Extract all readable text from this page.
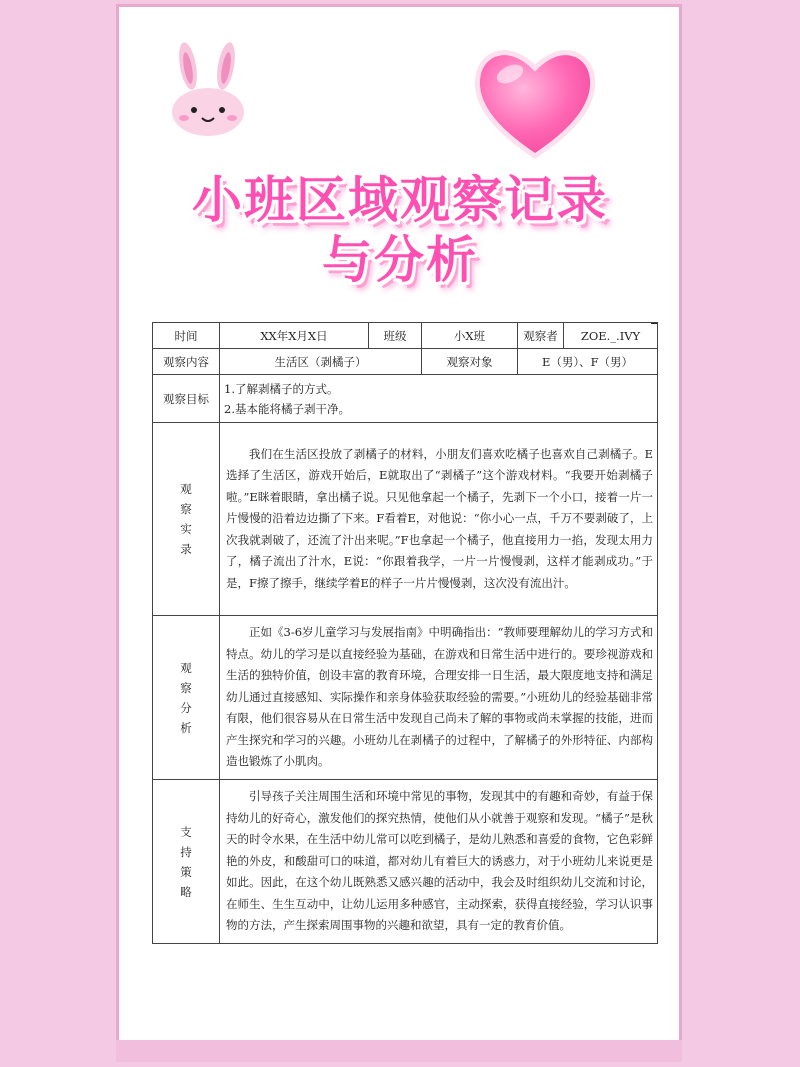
小班区域观察记录
与分析
时间	XX年X月X日	班级	小X班	观察者	ZOE._.IVY
观察内容	生活区（剥橘子）		观察对象	E（男）、F（男）	
观察目标	1.了解剥橘子的方式。
2.基本能将橘子剥干净。				

观察实录	我们在生活区投放了剥橘子的材料，小朋友们喜欢吃橘子也喜欢自己剥橘子。E选择了生活区，游戏开始后，E就取出了“剥橘子”这个游戏材料。“我要开始剥橘子啦。”E眯着眼睛，拿出橘子说。只见他拿起一个橘子，先剥下一个小口，接着一片一片慢慢的沿着边边撕了下来。F看着E，对他说：“你小心一点，千万不要剥破了，上次我就剥破了，还流了汁出来呢。”F也拿起一个橘子，他直接用力一掐，发现太用力了，橘子流出了汁水，E说：“你跟着我学，一片一片慢慢剥，这样才能剥成功。”于是，F擦了擦手，继续学着E的样子一片片慢慢剥，这次没有流出汁。				
观察分析	正如《3-6岁儿童学习与发展指南》中明确指出：“教师要理解幼儿的学习方式和特点。幼儿的学习是以直接经验为基础，在游戏和日常生活中进行的。要珍视游戏和生活的独特价值，创设丰富的教育环境，合理安排一日生活，最大限度地支持和满足幼儿通过直接感知、实际操作和亲身体验获取经验的需要。”小班幼儿的经验基础非常有限，他们很容易从在日常生活中发现自己尚未了解的事物或尚未掌握的技能，进而产生探究和学习的兴趣。小班幼儿在剥橘子的过程中，了解橘子的外形特征、内部构造也锻炼了小肌肉。				
支持策略	引导孩子关注周围生活和环境中常见的事物，发现其中的有趣和奇妙，有益于保持幼儿的好奇心，激发他们的探究热情，使他们从小就善于观察和发现。“橘子”是秋天的时令水果，在生活中幼儿常可以吃到橘子，是幼儿熟悉和喜爱的食物，它色彩鲜艳的外皮，和酸甜可口的味道，都对幼儿有着巨大的诱惑力，对于小班幼儿来说更是如此。因此，在这个幼儿既熟悉又感兴趣的活动中，我会及时组织幼儿交流和讨论，在师生、生生互动中，让幼儿运用多种感官，主动探索，获得直接经验，学习认识事物的方法，产生探索周围事物的兴趣和欲望，具有一定的教育价值。				
